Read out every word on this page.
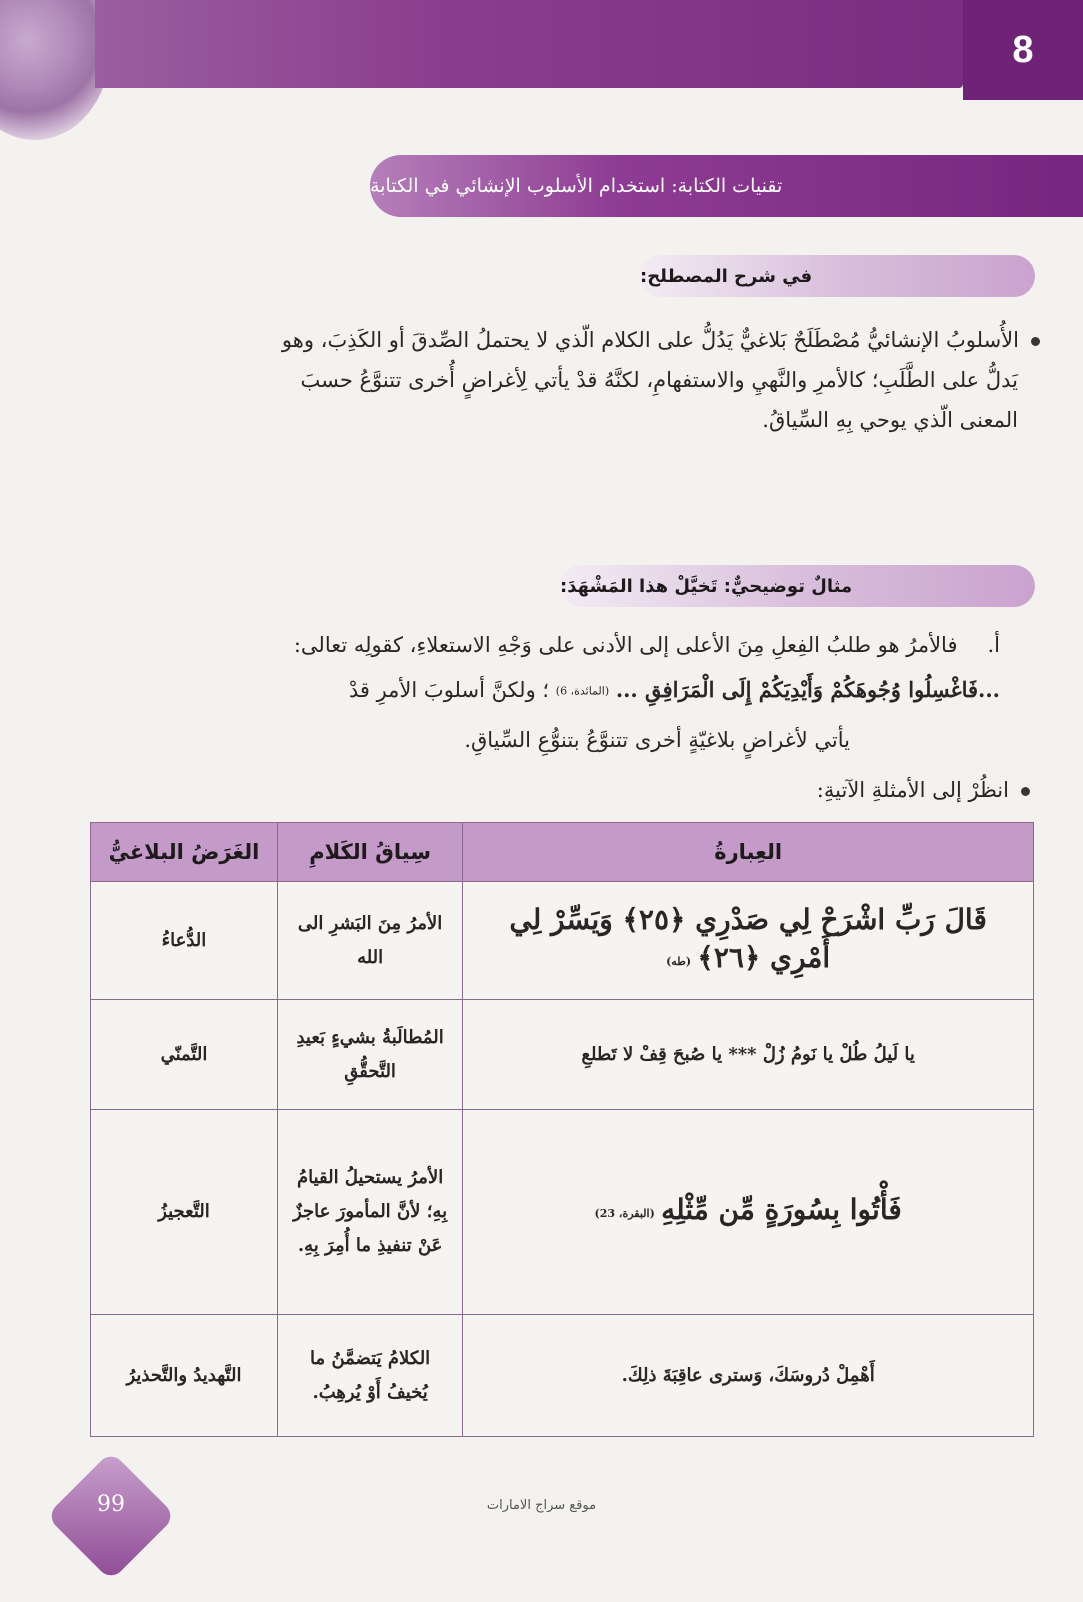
8
تقنيات الكتابة: استخدام الأسلوب الإنشائي في الكتابة
في شرح المصطلح:
الأُسلوبُ الإنشائيُّ مُصْطَلَحٌ بَلاغيٌّ يَدُلُّ على الكلام الّذي لا يحتملُ الصِّدقَ أو الكَذِبَ، وهو
يَدلُّ على الطَّلَبِ؛ كالأمرِ والنَّهيِ والاستفهامِ، لكنَّهُ قدْ يأتي لِأغراضٍ أُخرى تتنوَّعُ حسبَ
المعنى الّذي يوحي بِهِ السِّياقُ.
مثالٌ توضيحيٌّ: تَخيَّلْ هذا المَشْهَدَ:
أ.فالأمرُ هو طلبُ الفِعلِ مِنَ الأعلى إلى الأدنى على وَجْهِ الاستعلاءِ، كقولِه تعالى:
...فَاغْسِلُوا وُجُوهَكُمْ وَأَيْدِيَكُمْ إِلَى الْمَرَافِقِ ... (المائدة، 6) ؛ ولكنَّ أسلوبَ الأمرِ قدْ
يأتي لأغراضٍ بلاغيّةٍ أخرى تتنوَّعُ بتنوُّعِ السِّياقِ.
انظُرْ إلى الأمثلةِ الآتيةِ:
العِبارةُ	سِياقُ الكَلامِ	الغَرَضُ البلاغيُّ
قَالَ رَبِّ اشْرَحْ لِي صَدْرِي ﴿٢٥﴾ وَيَسِّرْ لِي أَمْرِي ﴿٢٦﴾ (طه)	الأمرُ مِنَ البَشرِ الى الله	الدُّعاءُ
يا لَيلُ طُلْ يا نَومُ زُلْ *** يا صُبحَ قِفْ لا تَطلعِ	المُطالَبةُ بشيءٍ بَعيدِ التَّحقُّقِ	التَّمنّي
فَأْتُوا بِسُورَةٍ مِّن مِّثْلِهِ (البقرة، 23)	الأمرُ يستحيلُ القيامُ بِهِ؛ لأنَّ المأمورَ عاجزٌ عَنْ تنفيذِ ما أُمِرَ بِهِ.	التَّعجيزُ
أَهْمِلْ دُروسَكَ، وَسترى عاقِبَةَ ذلِكَ.	الكلامُ يَتضمَّنُ ما يُخيفُ أَوْ يُرهِبُ.	التَّهديدُ والتَّحذيرُ
99	موقع سراج الامارات
